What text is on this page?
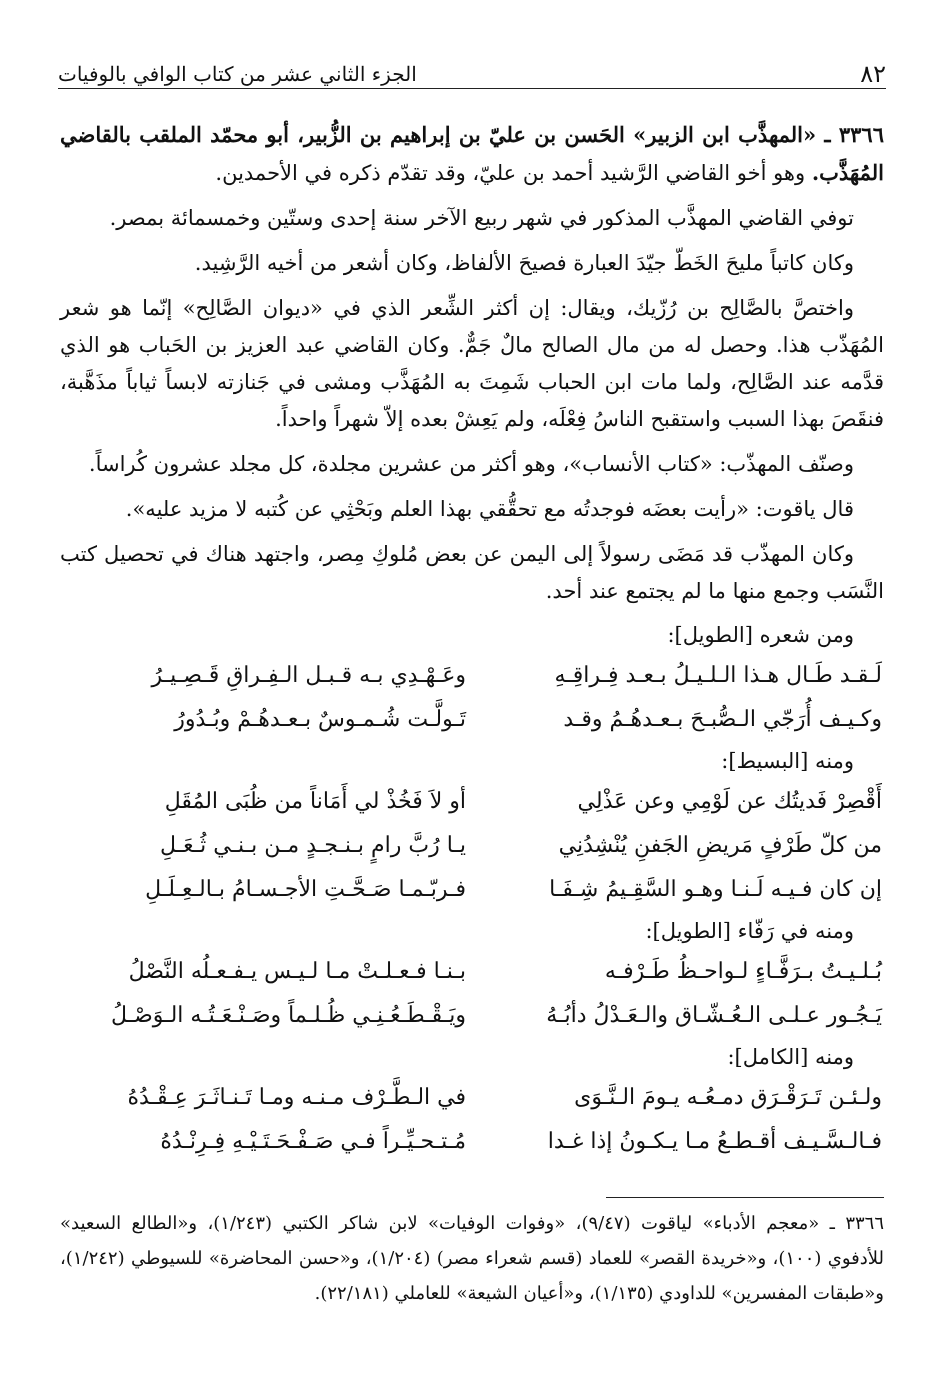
٨٢
الجزء الثاني عشر من كتاب الوافي بالوفيات

٣٣٦٦ ـ «المهذَّب ابن الزبير» الحَسن بن عليّ بن إبراهيم بن الزُّبير، أبو محمّد الملقب بالقاضي المُهَذَّب. وهو أخو القاضي الرَّشيد أحمد بن عليّ، وقد تقدّم ذكره في الأحمدين.

توفي القاضي المهذَّب المذكور في شهر ربيع الآخر سنة إحدى وستّين وخمسمائة بمصر.

وكان كاتباً مليحَ الخَطّ جيّدَ العبارة فصيحَ الألفاظ، وكان أشعر من أخيه الرَّشِيد.

واختصَّ بالصَّالِح بن رُزّيك، ويقال: إن أكثر الشِّعر الذي في «ديوان الصَّالِح» إنّما هو شعر المُهَذّب هذا. وحصل له من مال الصالح مالٌ جَمٌّ. وكان القاضي عبد العزيز بن الحَباب هو الذي قدَّمه عند الصَّالِح، ولما مات ابن الحباب شَمِتَ به المُهَذَّب ومشى في جَنازته لابساً ثياباً مذَهَّبة، فنقَصَ بهذا السبب واستقبح الناسُ فِعْلَه، ولم يَعِشْ بعده إلاّ شهراً واحداً.

وصنّف المهذّب: «كتاب الأنساب»، وهو أكثر من عشرين مجلدة، كل مجلد عشرون كُراساً.

قال ياقوت: «رأيت بعضَه فوجدتُه مع تحقُّقي بهذا العلم وبَحْثِي عن كُتبه لا مزيد عليه».

وكان المهذّب قد مَضَى رسولاً إلى اليمن عن بعض مُلوكِ مِصر، واجتهد هناك في تحصيل كتب النَّسَب وجمع منها ما لم يجتمع عند أحد.

ومن شعره [الطويل]:
لَـقـد طَـال هـذا الـلـيـلُ بـعـد فِـراقِـهِ
وعَـهْـدِي بـه قـبـل الـفِـراقِ قَـصِـيـرُ
وكـيـف أُرَجّي الـصُّبـحَ بـعـدهُـمُ وقـد
تَـولَّـت شُـمـوسٌ بـعـدهُـمْ وبُـدُورُ
ومنه [البسيط]:
أَقْصِرْ فَديتُك عن لَوْمِي وعن عَذْلِي
أو لاَ فَخُذْ لي أَمَاناً من ظُبَى المُقَلِ
من كلّ طَرْفٍ مَريضِ الجَفنِ يُنْشِدُنِي
يـا رُبَّ رامٍ بـنـجـدٍ مـن بـنـي ثُـعَـلِ
إن كان فـيـه لَـنـا وهـو السَّقِـيمُ شِـفَـا
فـربّـمـا صَـحَّـتِ الأجـسـامُ بـالـعِـلَـلِ
ومنه في رَفّاء [الطويل]:
بُـلـيـتُ بـرَفَّـاءٍ لـواحـظُ طَـرْفـه
بـنـا فـعـلـتْ مـا لـيـس يـفـعـلُه النَّصْلُ
يَـجُـور عـلـى الـعُـشّـاق والـعَـدْلُ دأبُـهُ
ويَـقْـطَـعُـنِـي ظُـلـماً وصَـنْـعَـتُـه الـوَصْـلُ
ومنه [الكامل]:
ولـئـن تَـرَقْـرَق دمـعُـه يـومَ الـنَّـوَى
في الـطَّـرْف مـنـه ومـا تَـنـاثَـرَ عِـقْـدُهُ
فـالـسَّـيـف أقـطـعُ مـا يـكـونُ إذا غـدا
مُـتـحـيِّـراً فـي صَـفْـحَـتَـيْـهِ فِـرِنْـدُهُ
٣٣٦٦ ـ «معجم الأدباء» لياقوت (٩/٤٧)، «وفوات الوفيات» لابن شاكر الكتبي (١/٢٤٣)، و«الطالع السعيد» للأدفوي (١٠٠)، و«خريدة القصر» للعماد (قسم شعراء مصر) (١/٢٠٤)، و«حسن المحاضرة» للسيوطي (١/٢٤٢)، و«طبقات المفسرين» للداودي (١/١٣٥)، و«أعيان الشيعة» للعاملي (٢٢/١٨١).
